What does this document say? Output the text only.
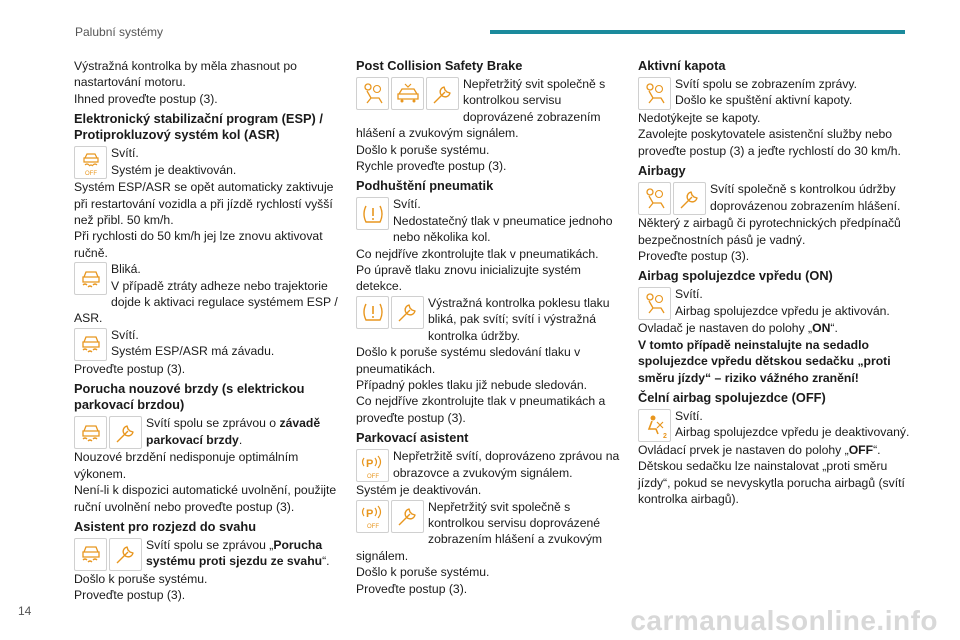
Palubní systémy

Výstražná kontrolka by měla zhasnout po nastartování motoru.

Ihned proveďte postup (3).

Elektronický stabilizační program (ESP) / Protiprokluzový systém kol (ASR)

Svítí.

Systém je deaktivován.

Systém ESP/ASR se opět automaticky zaktivuje při restartování vozidla a při jízdě rychlostí vyšší než přibl. 50 km/h.

Při rychlosti do 50 km/h jej lze znovu aktivovat ručně.

Bliká.

V případě ztráty adheze nebo trajektorie dojde k aktivaci regulace systémem ESP / ASR.

Svítí.

Systém ESP/ASR má závadu.

Proveďte postup (3).

Porucha nouzové brzdy (s elektrickou parkovací brzdou)

Svítí spolu se zprávou o závadě parkovací brzdy.

Nouzové brzdění nedisponuje optimálním výkonem.

Není-li k dispozici automatické uvolnění, použijte ruční uvolnění nebo proveďte postup (3).

Asistent pro rozjezd do svahu

Svítí spolu se zprávou „Porucha systému proti sjezdu ze svahu“.

Došlo k poruše systému.

Proveďte postup (3).

Post Collision Safety Brake

Nepřetržitý svit společně s kontrolkou servisu doprovázené zobrazením hlášení a zvukovým signálem.

Došlo k poruše systému.

Rychle proveďte postup (3).

Podhuštění pneumatik

Svítí.

Nedostatečný tlak v pneumatice jednoho nebo několika kol.

Co nejdříve zkontrolujte tlak v pneumatikách.

Po úpravě tlaku znovu inicializujte systém detekce.

Výstražná kontrolka poklesu tlaku bliká, pak svítí; svítí i výstražná kontrolka údržby.

Došlo k poruše systému sledování tlaku v pneumatikách.

Případný pokles tlaku již nebude sledován.

Co nejdříve zkontrolujte tlak v pneumatikách a proveďte postup (3).

Parkovací asistent

Nepřetržitě svítí, doprovázeno zprávou na obrazovce a zvukovým signálem.

Systém je deaktivován.

Nepřetržitý svit společně s kontrolkou servisu doprovázené zobrazením hlášení a zvukovým signálem.

Došlo k poruše systému.

Proveďte postup (3).

Aktivní kapota

Svítí spolu se zobrazením zprávy.

Došlo ke spuštění aktivní kapoty.

Nedotýkejte se kapoty.

Zavolejte poskytovatele asistenční služby nebo proveďte postup (3) a jeďte rychlostí do 30 km/h.

Airbagy

Svítí společně s kontrolkou údržby doprovázenou zobrazením hlášení.

Některý z airbagů či pyrotechnických předpínačů bezpečnostních pásů je vadný.

Proveďte postup (3).

Airbag spolujezdce vpředu (ON)

Svítí.

Airbag spolujezdce vpředu je aktivován.

Ovladač je nastaven do polohy „ON“.

V tomto případě neinstalujte na sedadlo spolujezdce vpředu dětskou sedačku „proti směru jízdy“ – riziko vážného zranění!

Čelní airbag spolujezdce (OFF)

Svítí.

Airbag spolujezdce vpředu je deaktivovaný.

Ovládací prvek je nastaven do polohy „OFF“.

Dětskou sedačku lze nainstalovat „proti směru jízdy“, pokud se nevyskytla porucha airbagů (svítí kontrolka airbagů).

14	carmanualsonline.info
